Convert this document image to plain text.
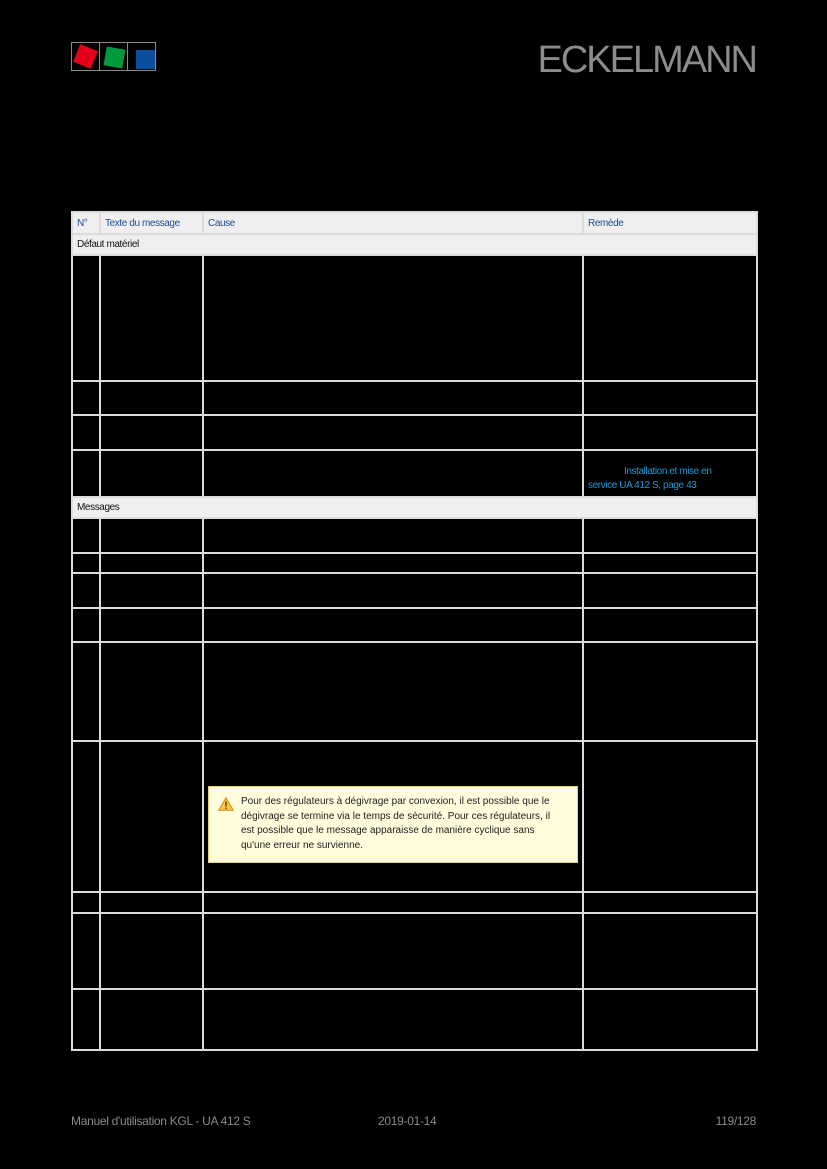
ECKELMANN
N°	Texte du message	Cause	Remède
Défaut matériel			

			Installation et mise en
service UA 412 S, page 43

Messages			

Pour des régulateurs à dégivrage par convexion, il est possible que le
dégivrage se termine via le temps de sécurité. Pour ces régulateurs, il
est possible que le message apparaisse de manière cyclique sans
qu'une erreur ne survienne.	

Manuel d'utilisation KGL - UA 412 S	2019-01-14	119/128
